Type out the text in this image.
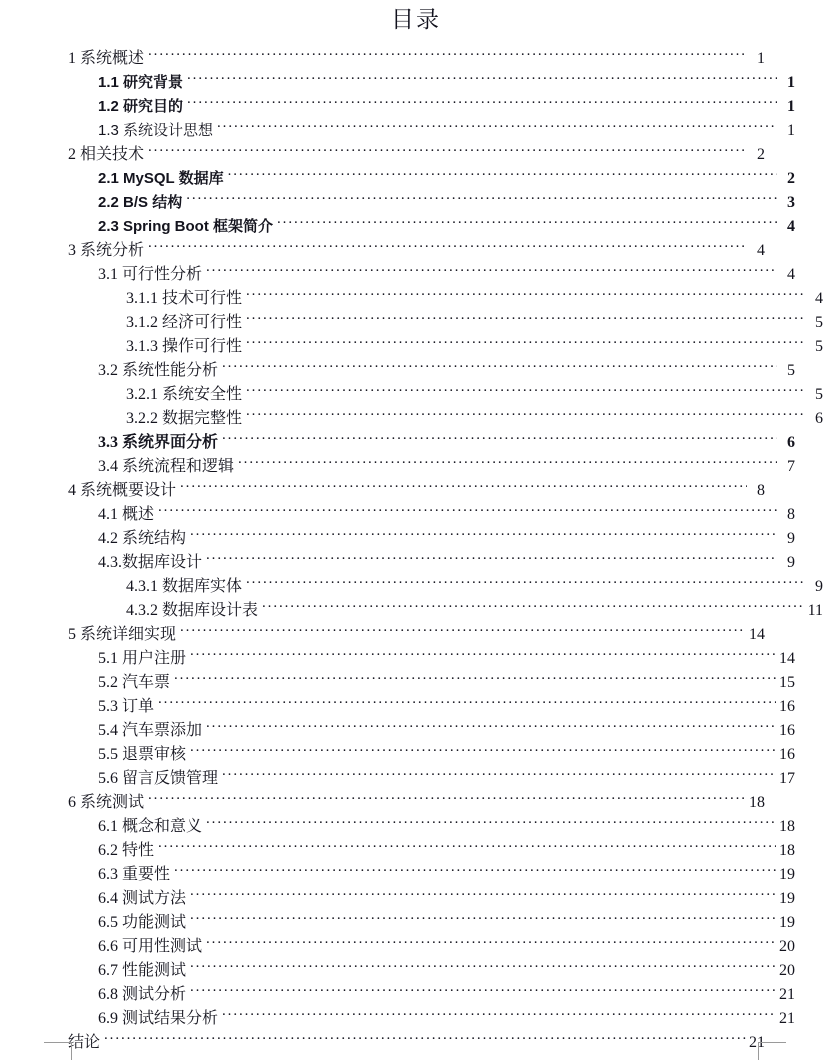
目录
1 系统概述 .....	1
1.1 研究背景 .....	1
1.2 研究目的 .....	1
1.3 系统设计思想 .....	1
2 相关技术 .....	2
2.1 MySQL 数据库 .....	2
2.2 B/S 结构 .....	3
2.3 Spring Boot 框架简介 .....	4
3 系统分析 .....	4
3.1 可行性分析 .....	4
3.1.1 技术可行性 .....	4
3.1.2 经济可行性 .....	5
3.1.3 操作可行性 .....	5
3.2 系统性能分析 .....	5
3.2.1 系统安全性 .....	5
3.2.2 数据完整性 .....	6
3.3 系统界面分析 .....	6
3.4 系统流程和逻辑 .....	7
4 系统概要设计 .....	8
4.1 概述 .....	8
4.2 系统结构 .....	9
4.3.数据库设计 .....	9
4.3.1 数据库实体 .....	9
4.3.2 数据库设计表 .....	11
5 系统详细实现 .....	14
5.1 用户注册 .....	14
5.2 汽车票 .....	15
5.3 订单 .....	16
5.4 汽车票添加 .....	16
5.5 退票审核 .....	16
5.6 留言反馈管理 .....	17
6 系统测试 .....	18
6.1 概念和意义 .....	18
6.2 特性 .....	18
6.3 重要性 .....	19
6.4 测试方法 .....	19
6.5 功能测试 .....	19
6.6 可用性测试 .....	20
6.7 性能测试 .....	20
6.8 测试分析 .....	21
6.9 测试结果分析 .....	21
结论 .....	21
